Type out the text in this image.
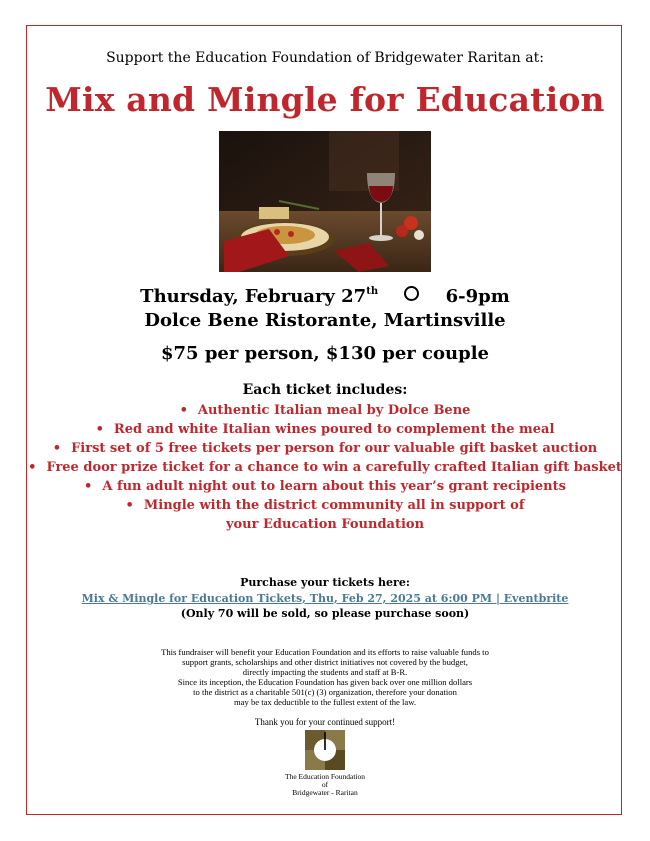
Support the Education Foundation of Bridgewater Raritan at:
Mix and Mingle for Education
Thursday, February 27th	6-9pm
Dolce Bene Ristorante, Martinsville
$75 per person, $130 per couple
Each ticket includes:
• Authentic Italian meal by Dolce Bene
• Red and white Italian wines poured to complement the meal
• First set of 5 free tickets per person for our valuable gift basket auction
• Free door prize ticket for a chance to win a carefully crafted Italian gift basket
• A fun adult night out to learn about this year’s grant recipients
• Mingle with the district community all in support of your Education Foundation
Purchase your tickets here:
Mix & Mingle for Education Tickets, Thu, Feb 27, 2025 at 6:00 PM | Eventbrite
(Only 70 will be sold, so please purchase soon)
This fundraiser will benefit your Education Foundation and its efforts to raise valuable funds to
support grants, scholarships and other district initiatives not covered by the budget,
directly impacting the students and staff at B-R.
Since its inception, the Education Foundation has given back over one million dollars
to the district as a charitable 501(c) (3) organization, therefore your donation
may be tax deductible to the fullest extent of the law.
Thank you for your continued support!
The Education Foundation
of
Bridgewater - Raritan
